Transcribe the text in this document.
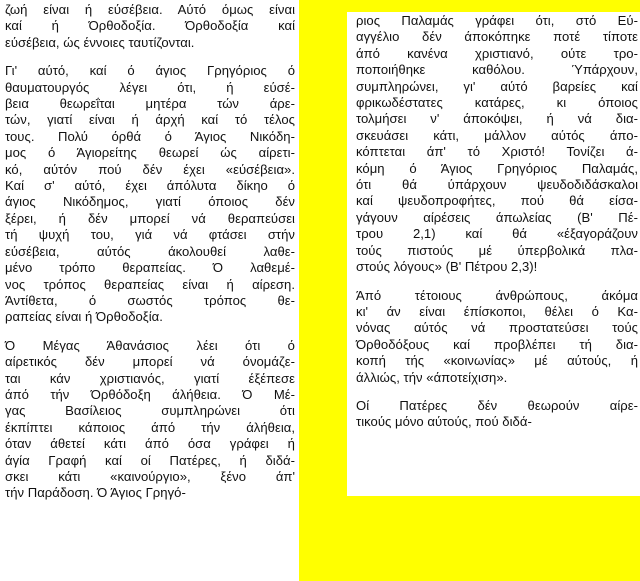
ζωή είναι ή εύσέβεια. Αύτό όμως είναι
καί ή Όρθοδοξία. Όρθοδοξία καί
εύσέβεια, ώς έννοιες ταυτίζονται.
Γι' αύτό, καί ό άγιος Γρηγόριος ό
θαυματουργός λέγει ότι, ή εύσέ-
βεια θεωρεΐται μητέρα τών άρε-
τών, γιατί είναι ή άρχή καί τό τέλος
τους. Πολύ όρθά ό Άγιος Νικόδη-
μος ό Άγιορείτης θεωρεί ώς αίρετι-
κό, αύτόν πού δέν έχει «εύσέβεια».
Καί σ' αύτό, έχει άπόλυτα δίκηο ό
άγιος Νικόδημος, γιατί όποιος δέν
ξέρει, ή δέν μπορεί νά θεραπεύσει
τή ψυχή του, γιά νά φτάσει στήν
εύσέβεια, αύτός άκολουθεί λαθε-
μένο τρόπο θεραπείας. Ό λαθεμέ-
νος τρόπος θεραπείας είναι ή αίρεση.
Άντίθετα, ό σωστός τρόπος θε-
ραπείας είναι ή Όρθοδοξία.
Ό Μέγας Άθανάσιος λέει ότι ό
αίρετικός δέν μπορεί νά όνομάζε-
ται κάν χριστιανός, γιατί έξέπεσε
άπό τήν Όρθόδοξη άλήθεια. Ό Μέ-
γας Βασίλειος συμπληρώνει ότι
έκπίπτει κάποιος άπό τήν άλήθεια,
όταν άθετεί κάτι άπό όσα γράφει ή
άγία Γραφή καί οί Πατέρες, ή διδά-
σκει κάτι «καινούργιο», ξένο άπ'
τήν Παράδοση. Ό Άγιος Γρηγό-
ριος Παλαμάς γράφει ότι, στό Εύ-
αγγέλιο δέν άποκόπηκε ποτέ τίποτε
άπό κανένα χριστιανό, ούτε τρο-
ποποιήθηκε καθόλου. Ύπάρχουν,
συμπληρώνει, γι' αύτό βαρείες καί
φρικωδέστατες κατάρες, κι όποιος
τολμήσει ν' άποκόψει, ή νά δια-
σκευάσει κάτι, μάλλον αύτός άπο-
κόπτεται άπ' τό Χριστό! Τονίζει ά-
κόμη ό Άγιος Γρηγόριος Παλαμάς,
ότι θά ύπάρχουν ψευδοδιδάσκαλοι
καί ψευδοπροφήτες, πού θά είσα-
γάγουν αίρέσεις άπωλείας (Β' Πέ-
τρου 2,1) καί θά «έξαγοράζουν
τούς πιστούς μέ ύπερβολικά πλα-
στούς λόγους» (Β' Πέτρου 2,3)!
Άπό τέτοιους άνθρώπους, άκόμα
κι' άν είναι έπίσκοποι, θέλει ό Κα-
νόνας αύτός νά προστατεύσει τούς
Όρθοδόξους καί προβλέπει τή δια-
κοπή τής «κοινωνίας» μέ αύτούς, ή
άλλιώς, τήν «άποτείχιση».
Οί Πατέρες δέν θεωρούν αίρε-
τικούς μόνο αύτούς, πού διδά-
